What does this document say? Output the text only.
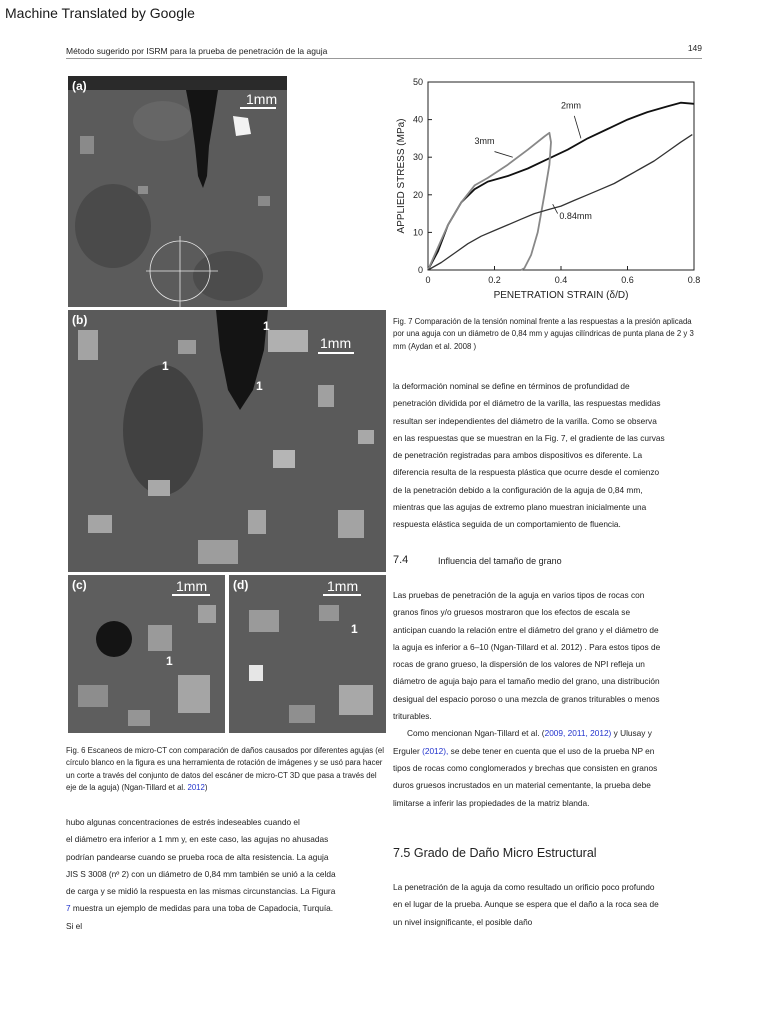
Machine Translated by Google
Método sugerido por ISRM para la prueba de penetración de la aguja	149
(a)
1mm
(b)
1mm
1
1
1
(c)	1mm
1
(d)	1mm
1
Fig. 6 Escaneos de micro-CT con comparación de daños causados por diferentes agujas (el círculo blanco en la figura es una herramienta de rotación de imágenes y se usó para hacer un corte a través del conjunto de datos del escáner de micro-CT 3D que pasa a través del eje de la aguja) (Ngan-Tillard et al. 2012)
0	0.2	0.4	0.6	0.8
0
10
20
30
40
50
2mm
3mm
0.84mm
PENETRATION STRAIN (δ/D)
APPLIED STRESS (MPa)
Fig. 7 Comparación de la tensión nominal frente a las respuestas a la presión aplicada por una aguja con un diámetro de 0,84 mm y agujas cilíndricas de punta plana de 2 y 3 mm (Aydan et al. 2008 )
la deformación nominal se define en términos de profundidad de
penetración dividida por el diámetro de la varilla, las respuestas medidas
resultan ser independientes del diámetro de la varilla. Como se observa
en las respuestas que se muestran en la Fig. 7, el gradiente de las curvas
de penetración registradas para ambos dispositivos es diferente. La
diferencia resulta de la respuesta plástica que ocurre desde el comienzo
de la penetración debido a la configuración de la aguja de 0,84 mm,
mientras que las agujas de extremo plano muestran inicialmente una
respuesta elástica seguida de un comportamiento de fluencia.
7.4	Influencia del tamaño de grano
Las pruebas de penetración de la aguja en varios tipos de rocas con
granos finos y/o gruesos mostraron que los efectos de escala se
anticipan cuando la relación entre el diámetro del grano y el diámetro de
la aguja es inferior a 6–10 (Ngan-Tillard et al. 2012) . Para estos tipos de
rocas de grano grueso, la dispersión de los valores de NPI refleja un
diámetro de aguja bajo para el tamaño medio del grano, una distribución
desigual del espacio poroso o una mezcla de granos triturables o menos
triturables.
Como mencionan Ngan-Tillard et al. (2009, 2011, 2012) y Ulusay y
Erguler (2012), se debe tener en cuenta que el uso de la prueba NP en
tipos de rocas como conglomerados y brechas que consisten en granos
duros gruesos incrustados en un material cementante, la prueba debe
limitarse a inferir las propiedades de la matriz blanda.
7.5 Grado de Daño Micro Estructural
La penetración de la aguja da como resultado un orificio poco profundo
en el lugar de la prueba. Aunque se espera que el daño a la roca sea de
un nivel insignificante, el posible daño
hubo algunas concentraciones de estrés indeseables cuando el
el diámetro era inferior a 1 mm y, en este caso, las agujas no ahusadas
podrían pandearse cuando se prueba roca de alta resistencia. La aguja
JIS S 3008 (nº 2) con un diámetro de 0,84 mm también se unió a la celda
de carga y se midió la respuesta en las mismas circunstancias. La Figura
7 muestra un ejemplo de medidas para una toba de Capadocia, Turquía.
Si el
